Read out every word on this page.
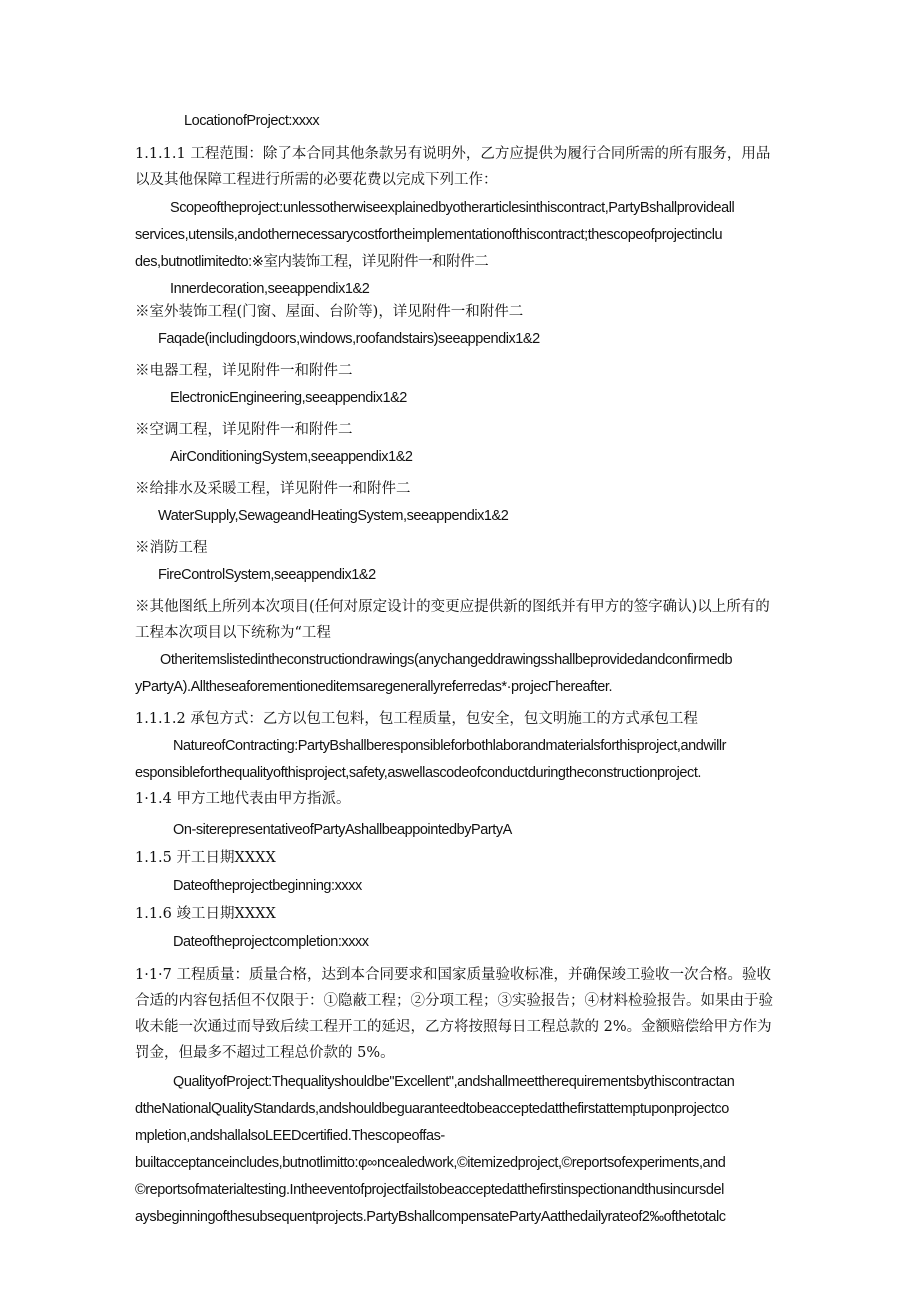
LocationofProject:xxxx

1.1.1.1 工程范围：除了本合同其他条款另有说明外，乙方应提供为履行合同所需的所有服务，用品

以及其他保障工程进行所需的必要花费以完成下列工作：

Scopeoftheproject:unlessotherwiseexplainedbyotherarticlesinthiscontract,PartyBshallprovideall

services,utensils,andothernecessarycostfortheimplementationofthiscontract;thescopeofprojectinclu

des,butnotlimitedto:※室内装饰工程，详见附件一和附件二

Innerdecoration,seeappendix1&2

※室外装饰工程(门窗、屋面、台阶等)，详见附件一和附件二

Faqade(includingdoors,windows,roofandstairs)seeappendix1&2

※电器工程，详见附件一和附件二

ElectronicEngineering,seeappendix1&2

※空调工程，详见附件一和附件二

AirConditioningSystem,seeappendix1&2

※给排水及采暖工程，详见附件一和附件二

WaterSupply,SewageandHeatingSystem,seeappendix1&2

※消防工程

FireControlSystem,seeappendix1&2

※其他图纸上所列本次项目(任何对原定设计的变更应提供新的图纸并有甲方的签字确认)以上所有的

工程本次项目以下统称为“工程

Otheritemslistedintheconstructiondrawings(anychangeddrawingsshallbeprovidedandconfirmedb

yPartyA).Alltheseaforementioneditemsaregenerallyreferredas*·projecΓhereafter.

1.1.1.2 承包方式：乙方以包工包料，包工程质量，包安全，包文明施工的方式承包工程

NatureofContracting:PartyBshallberesponsibleforbothlaborandmaterialsforthisproject,andwillr

esponsibleforthequalityofthisproject,safety,aswellascodeofconductduringtheconstructionproject.

1·1.4 甲方工地代表由甲方指派。

On-siterepresentativeofPartyAshallbeappointedbyPartyA

1.1.5 开工日期XXXX

Dateoftheprojectbeginning:xxxx

1.1.6 竣工日期XXXX

Dateoftheprojectcompletion:xxxx

1·1·7 工程质量：质量合格，达到本合同要求和国家质量验收标准，并确保竣工验收一次合格。验收

合适的内容包括但不仅限于：①隐蔽工程；②分项工程；③实验报告；④材料检验报告。如果由于验

收未能一次通过而导致后续工程开工的延迟，乙方将按照每日工程总款的 2%。金额赔偿给甲方作为

罚金，但最多不超过工程总价款的 5%。

QualityofProject:Thequalityshouldbe"Excellent",andshallmeettherequirementsbythiscontractan

dtheNationalQualityStandards,andshouldbeguaranteedtobeacceptedatthefirstattemptuponprojectco

mpletion,andshallalsoLEEDcertified.Thescopeoffas-

builtacceptanceincludes,butnotlimitto:φ∞ncealedwork,©itemizedproject,©reportsofexperiments,and

©reportsofmaterialtesting.Intheeventofprojectfailstobeacceptedatthefirstinspectionandthusincursdel

aysbeginningofthesubsequentprojects.PartyBshallcompensatePartyAatthedailyrateof2‰ofthetotalc
